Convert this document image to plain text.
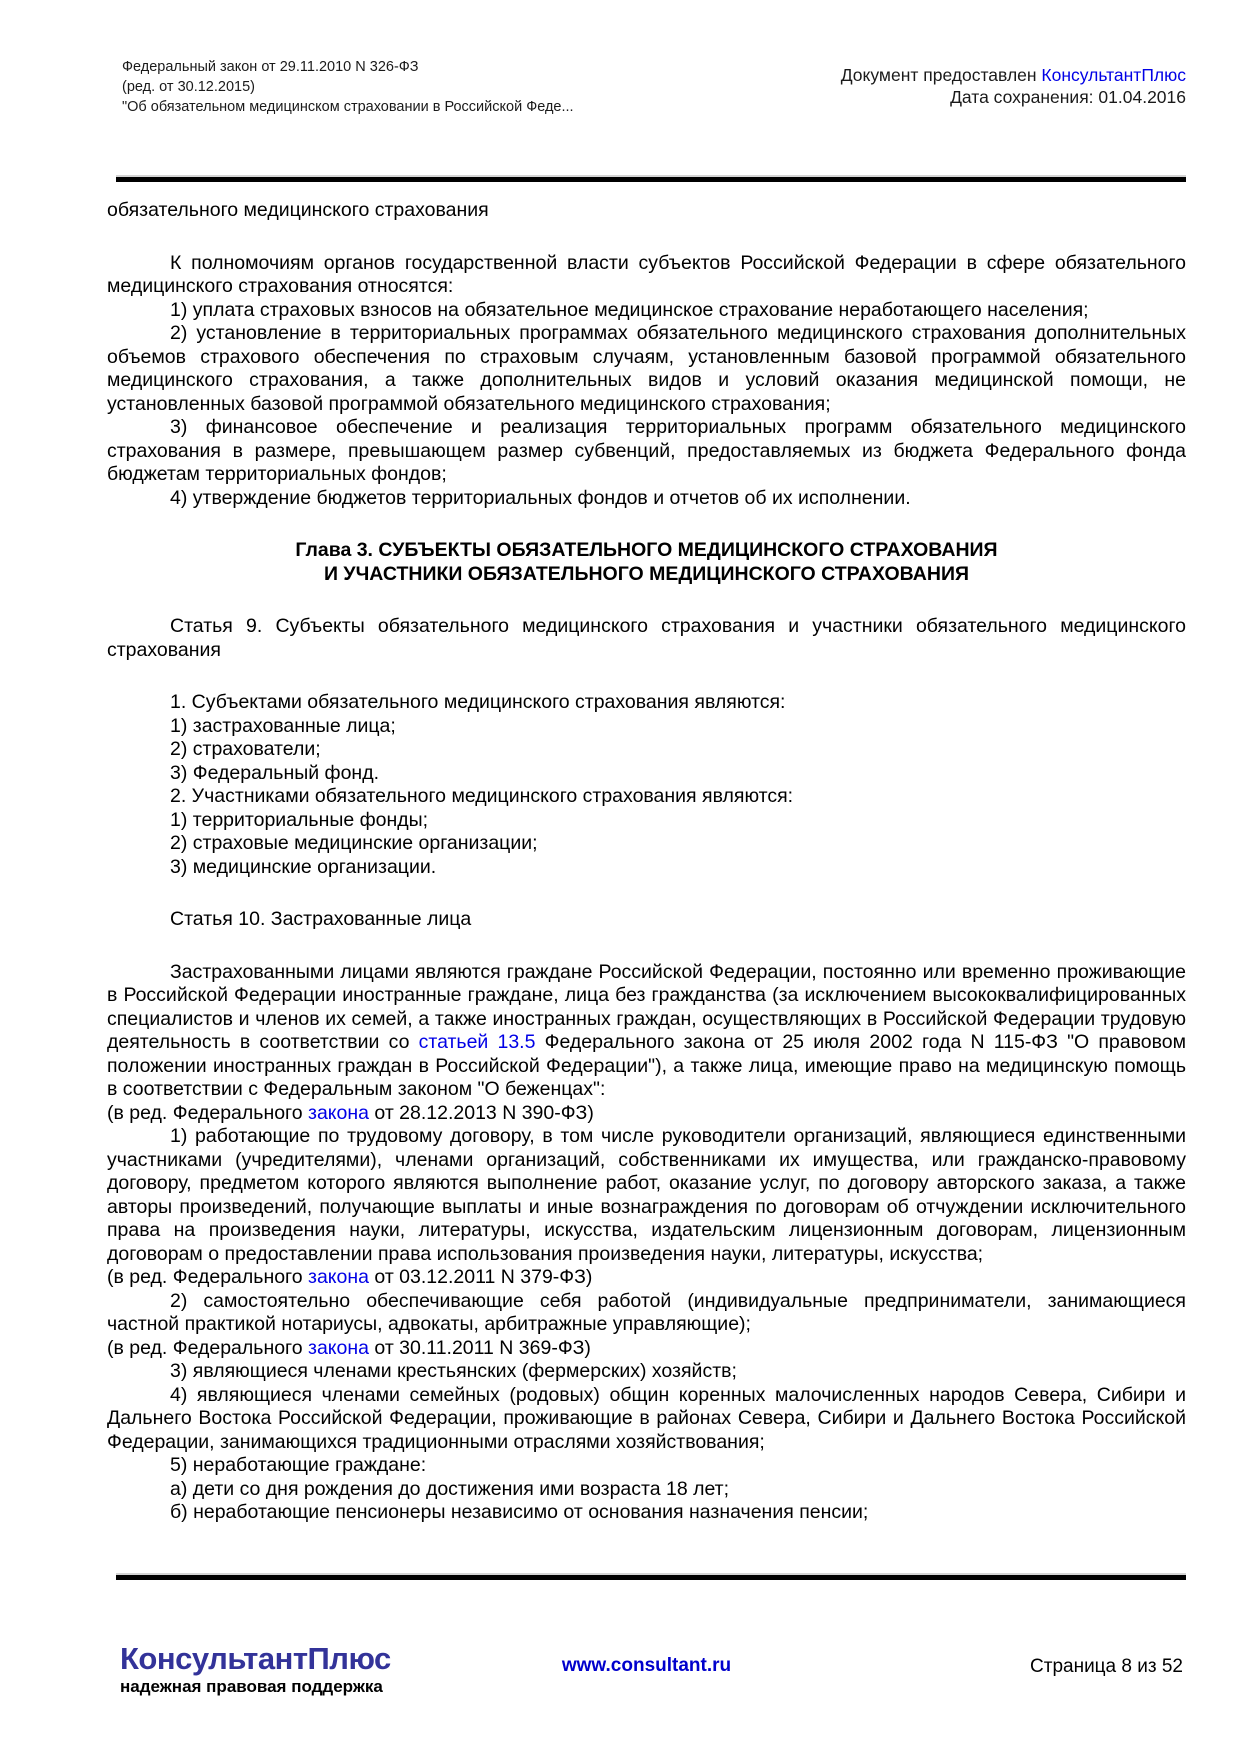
Федеральный закон от 29.11.2010 N 326-ФЗ
(ред. от 30.12.2015)
"Об обязательном медицинском страховании в Российской Феде...
Документ предоставлен КонсультантПлюс
Дата сохранения: 01.04.2016

обязательного медицинского страхования

К полномочиям органов государственной власти субъектов Российской Федерации в сфере обязательного медицинского страхования относятся:

1) уплата страховых взносов на обязательное медицинское страхование неработающего населения;

2) установление в территориальных программах обязательного медицинского страхования дополнительных объемов страхового обеспечения по страховым случаям, установленным базовой программой обязательного медицинского страхования, а также дополнительных видов и условий оказания медицинской помощи, не установленных базовой программой обязательного медицинского страхования;

3) финансовое обеспечение и реализация территориальных программ обязательного медицинского страхования в размере, превышающем размер субвенций, предоставляемых из бюджета Федерального фонда бюджетам территориальных фондов;

4) утверждение бюджетов территориальных фондов и отчетов об их исполнении.

Глава 3. СУБЪЕКТЫ ОБЯЗАТЕЛЬНОГО МЕДИЦИНСКОГО СТРАХОВАНИЯ

И УЧАСТНИКИ ОБЯЗАТЕЛЬНОГО МЕДИЦИНСКОГО СТРАХОВАНИЯ

Статья 9. Субъекты обязательного медицинского страхования и участники обязательного медицинского страхования

1. Субъектами обязательного медицинского страхования являются:

1) застрахованные лица;

2) страхователи;

3) Федеральный фонд.

2. Участниками обязательного медицинского страхования являются:

1) территориальные фонды;

2) страховые медицинские организации;

3) медицинские организации.

Статья 10. Застрахованные лица

Застрахованными лицами являются граждане Российской Федерации, постоянно или временно проживающие в Российской Федерации иностранные граждане, лица без гражданства (за исключением высококвалифицированных специалистов и членов их семей, а также иностранных граждан, осуществляющих в Российской Федерации трудовую деятельность в соответствии со статьей 13.5 Федерального закона от 25 июля 2002 года N 115-ФЗ "О правовом положении иностранных граждан в Российской Федерации"), а также лица, имеющие право на медицинскую помощь в соответствии с Федеральным законом "О беженцах":

(в ред. Федерального закона от 28.12.2013 N 390-ФЗ)

1) работающие по трудовому договору, в том числе руководители организаций, являющиеся единственными участниками (учредителями), членами организаций, собственниками их имущества, или гражданско-правовому договору, предметом которого являются выполнение работ, оказание услуг, по договору авторского заказа, а также авторы произведений, получающие выплаты и иные вознаграждения по договорам об отчуждении исключительного права на произведения науки, литературы, искусства, издательским лицензионным договорам, лицензионным договорам о предоставлении права использования произведения науки, литературы, искусства;

(в ред. Федерального закона от 03.12.2011 N 379-ФЗ)

2) самостоятельно обеспечивающие себя работой (индивидуальные предприниматели, занимающиеся частной практикой нотариусы, адвокаты, арбитражные управляющие);

(в ред. Федерального закона от 30.11.2011 N 369-ФЗ)

3) являющиеся членами крестьянских (фермерских) хозяйств;

4) являющиеся членами семейных (родовых) общин коренных малочисленных народов Севера, Сибири и Дальнего Востока Российской Федерации, проживающие в районах Севера, Сибири и Дальнего Востока Российской Федерации, занимающихся традиционными отраслями хозяйствования;

5) неработающие граждане:

а) дети со дня рождения до достижения ими возраста 18 лет;

б) неработающие пенсионеры независимо от основания назначения пенсии;

КонсультантПлюс
надежная правовая поддержка
www.consultant.ru	Страница 8 из 52
